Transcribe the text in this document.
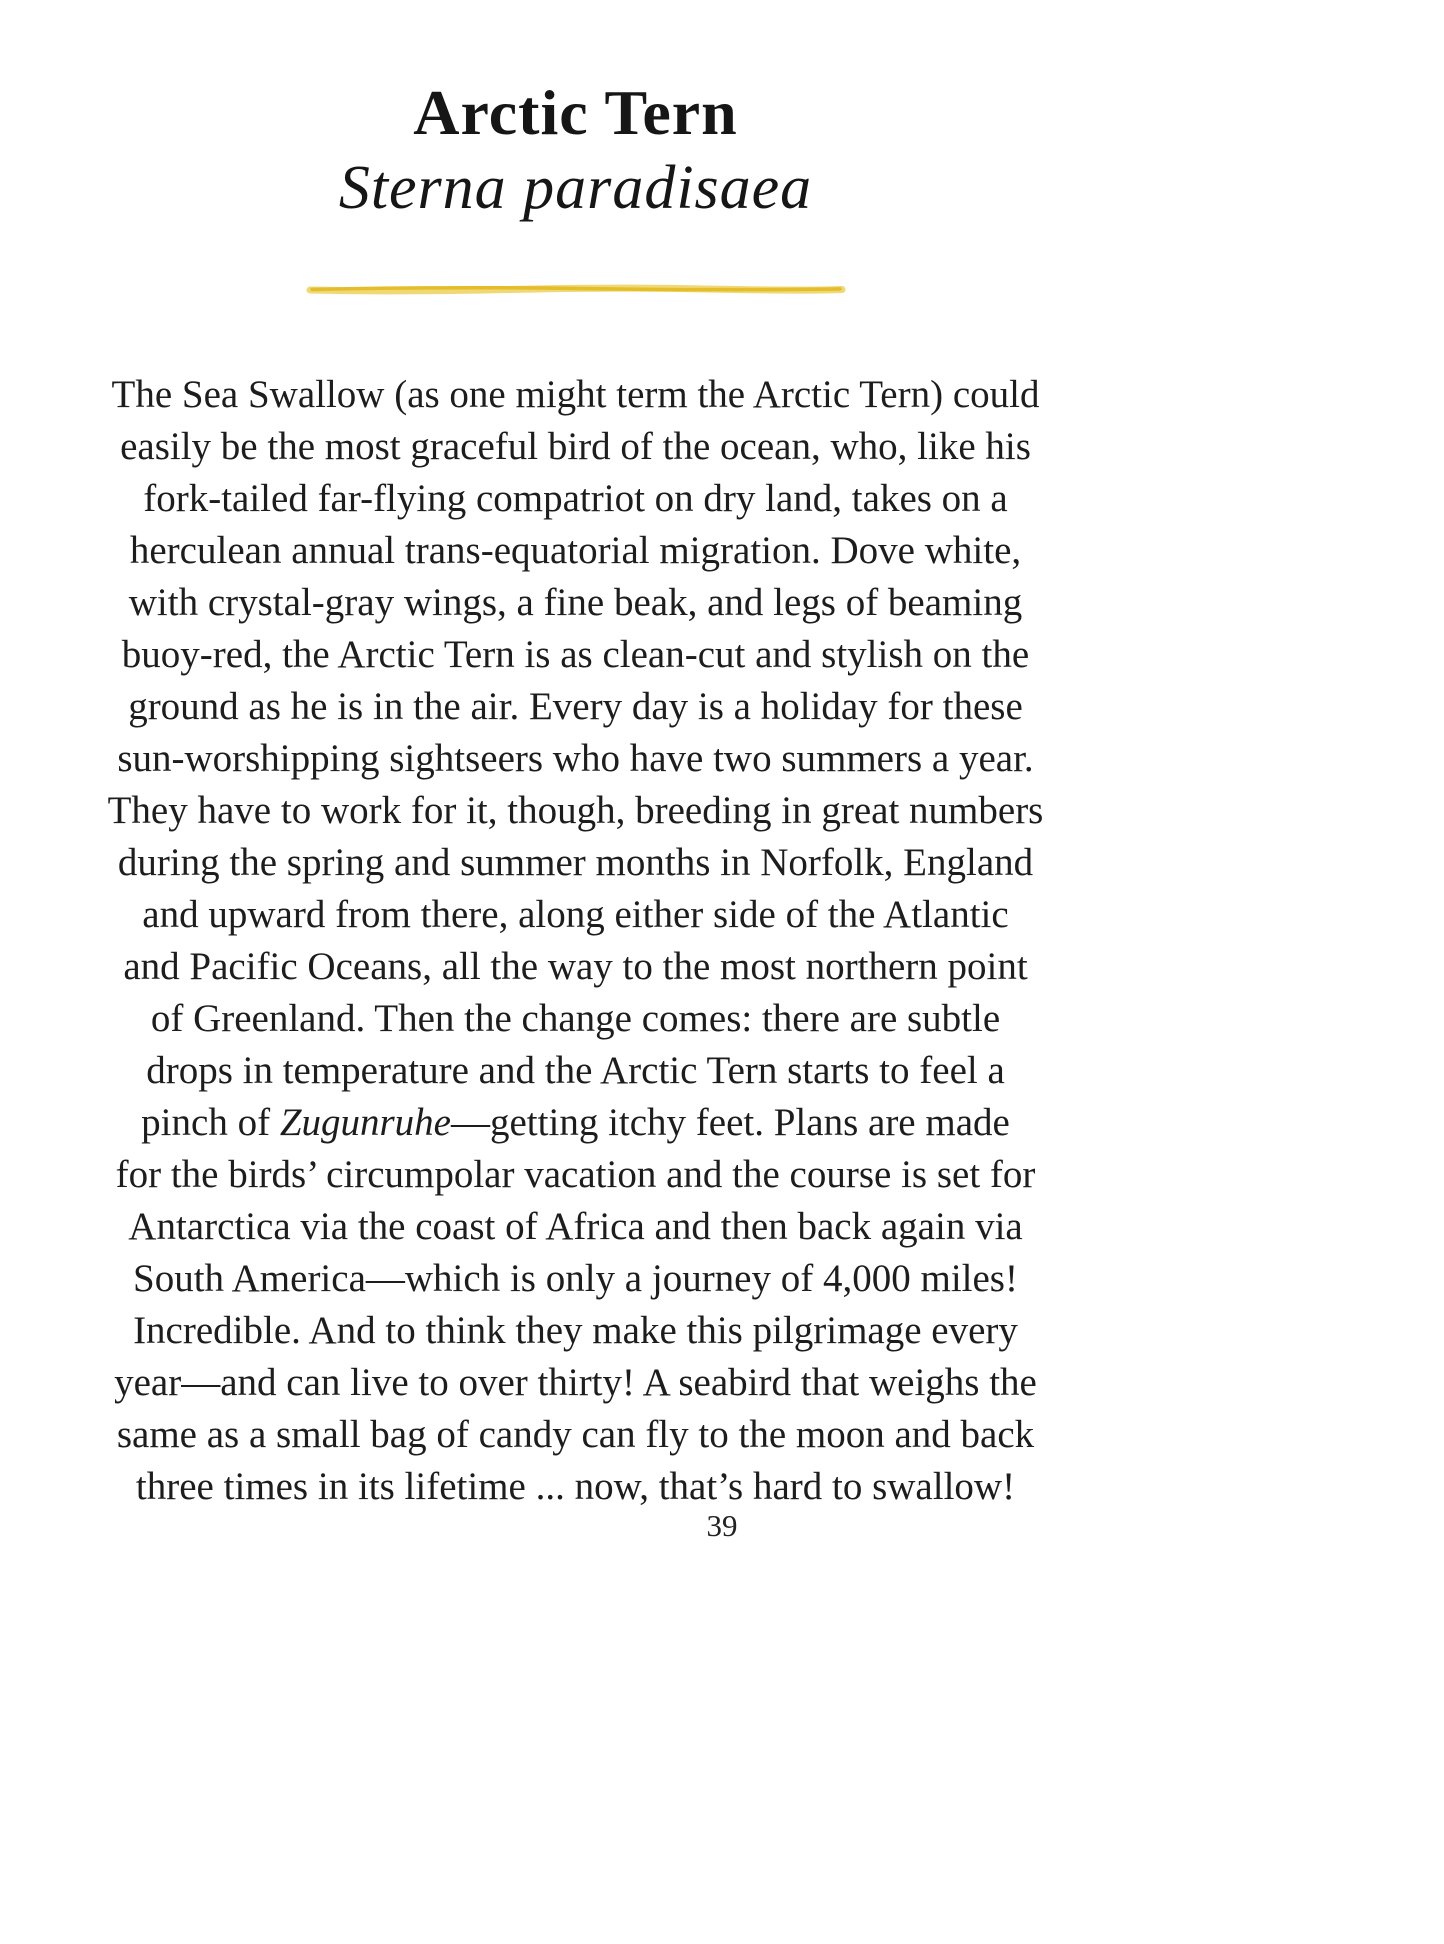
Arctic Tern
Sterna paradisaea
The Sea Swallow (as one might term the Arctic Tern) could
easily be the most graceful bird of the ocean, who, like his
fork-tailed far-flying compatriot on dry land, takes on a
herculean annual trans-equatorial migration. Dove white,
with crystal-gray wings, a fine beak, and legs of beaming
buoy-red, the Arctic Tern is as clean-cut and stylish on the
ground as he is in the air. Every day is a holiday for these
sun-worshipping sightseers who have two summers a year.
They have to work for it, though, breeding in great numbers
during the spring and summer months in Norfolk, England
and upward from there, along either side of the Atlantic
and Pacific Oceans, all the way to the most northern point
of Greenland. Then the change comes: there are subtle
drops in temperature and the Arctic Tern starts to feel a
pinch of Zugunruhe—getting itchy feet. Plans are made
for the birds’ circumpolar vacation and the course is set for
Antarctica via the coast of Africa and then back again via
South America—which is only a journey of 4,000 miles!
Incredible. And to think they make this pilgrimage every
year—and can live to over thirty! A seabird that weighs the
same as a small bag of candy can fly to the moon and back
three times in its lifetime ... now, that’s hard to swallow!
39
